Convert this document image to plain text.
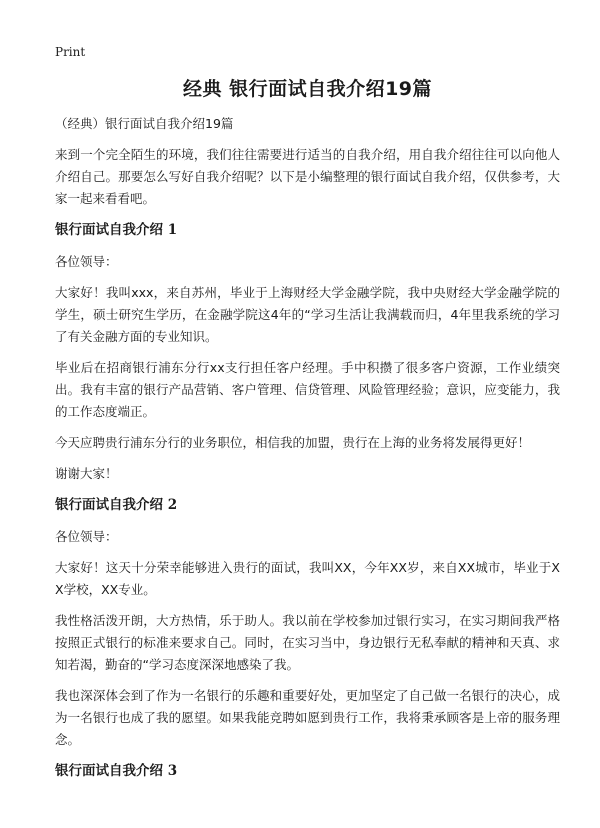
Print
经典 银行面试自我介绍19篇
（经典）银行面试自我介绍19篇

来到一个完全陌生的环境，我们往往需要进行适当的自我介绍，用自我介绍往往可以向他人介绍自己。那要怎么写好自我介绍呢？以下是小编整理的银行面试自我介绍，仅供参考，大家一起来看看吧。

银行面试自我介绍 1

各位领导：

大家好！我叫xxx，来自苏州，毕业于上海财经大学金融学院，我中央财经大学金融学院的学生，硕士研究生学历，在金融学院这4年的“学习生活让我满载而归，4年里我系统的学习了有关金融方面的专业知识。

毕业后在招商银行浦东分行xx支行担任客户经理。手中积攒了很多客户资源，工作业绩突出。我有丰富的银行产品营销、客户管理、信贷管理、风险管理经验；意识，应变能力，我的工作态度端正。

今天应聘贵行浦东分行的业务职位，相信我的加盟，贵行在上海的业务将发展得更好！

谢谢大家！

银行面试自我介绍 2

各位领导：

大家好！这天十分荣幸能够进入贵行的面试，我叫XX，今年XX岁，来自XX城市，毕业于XX学校，XX专业。

我性格活泼开朗，大方热情，乐于助人。我以前在学校参加过银行实习，在实习期间我严格按照正式银行的标准来要求自己。同时，在实习当中，身边银行无私奉献的精神和天真、求知若渴，勤奋的“学习态度深深地感染了我。

我也深深体会到了作为一名银行的乐趣和重要好处，更加坚定了自己做一名银行的决心，成为一名银行也成了我的愿望。如果我能竞聘如愿到贵行工作，我将秉承顾客是上帝的服务理念。

银行面试自我介绍 3
